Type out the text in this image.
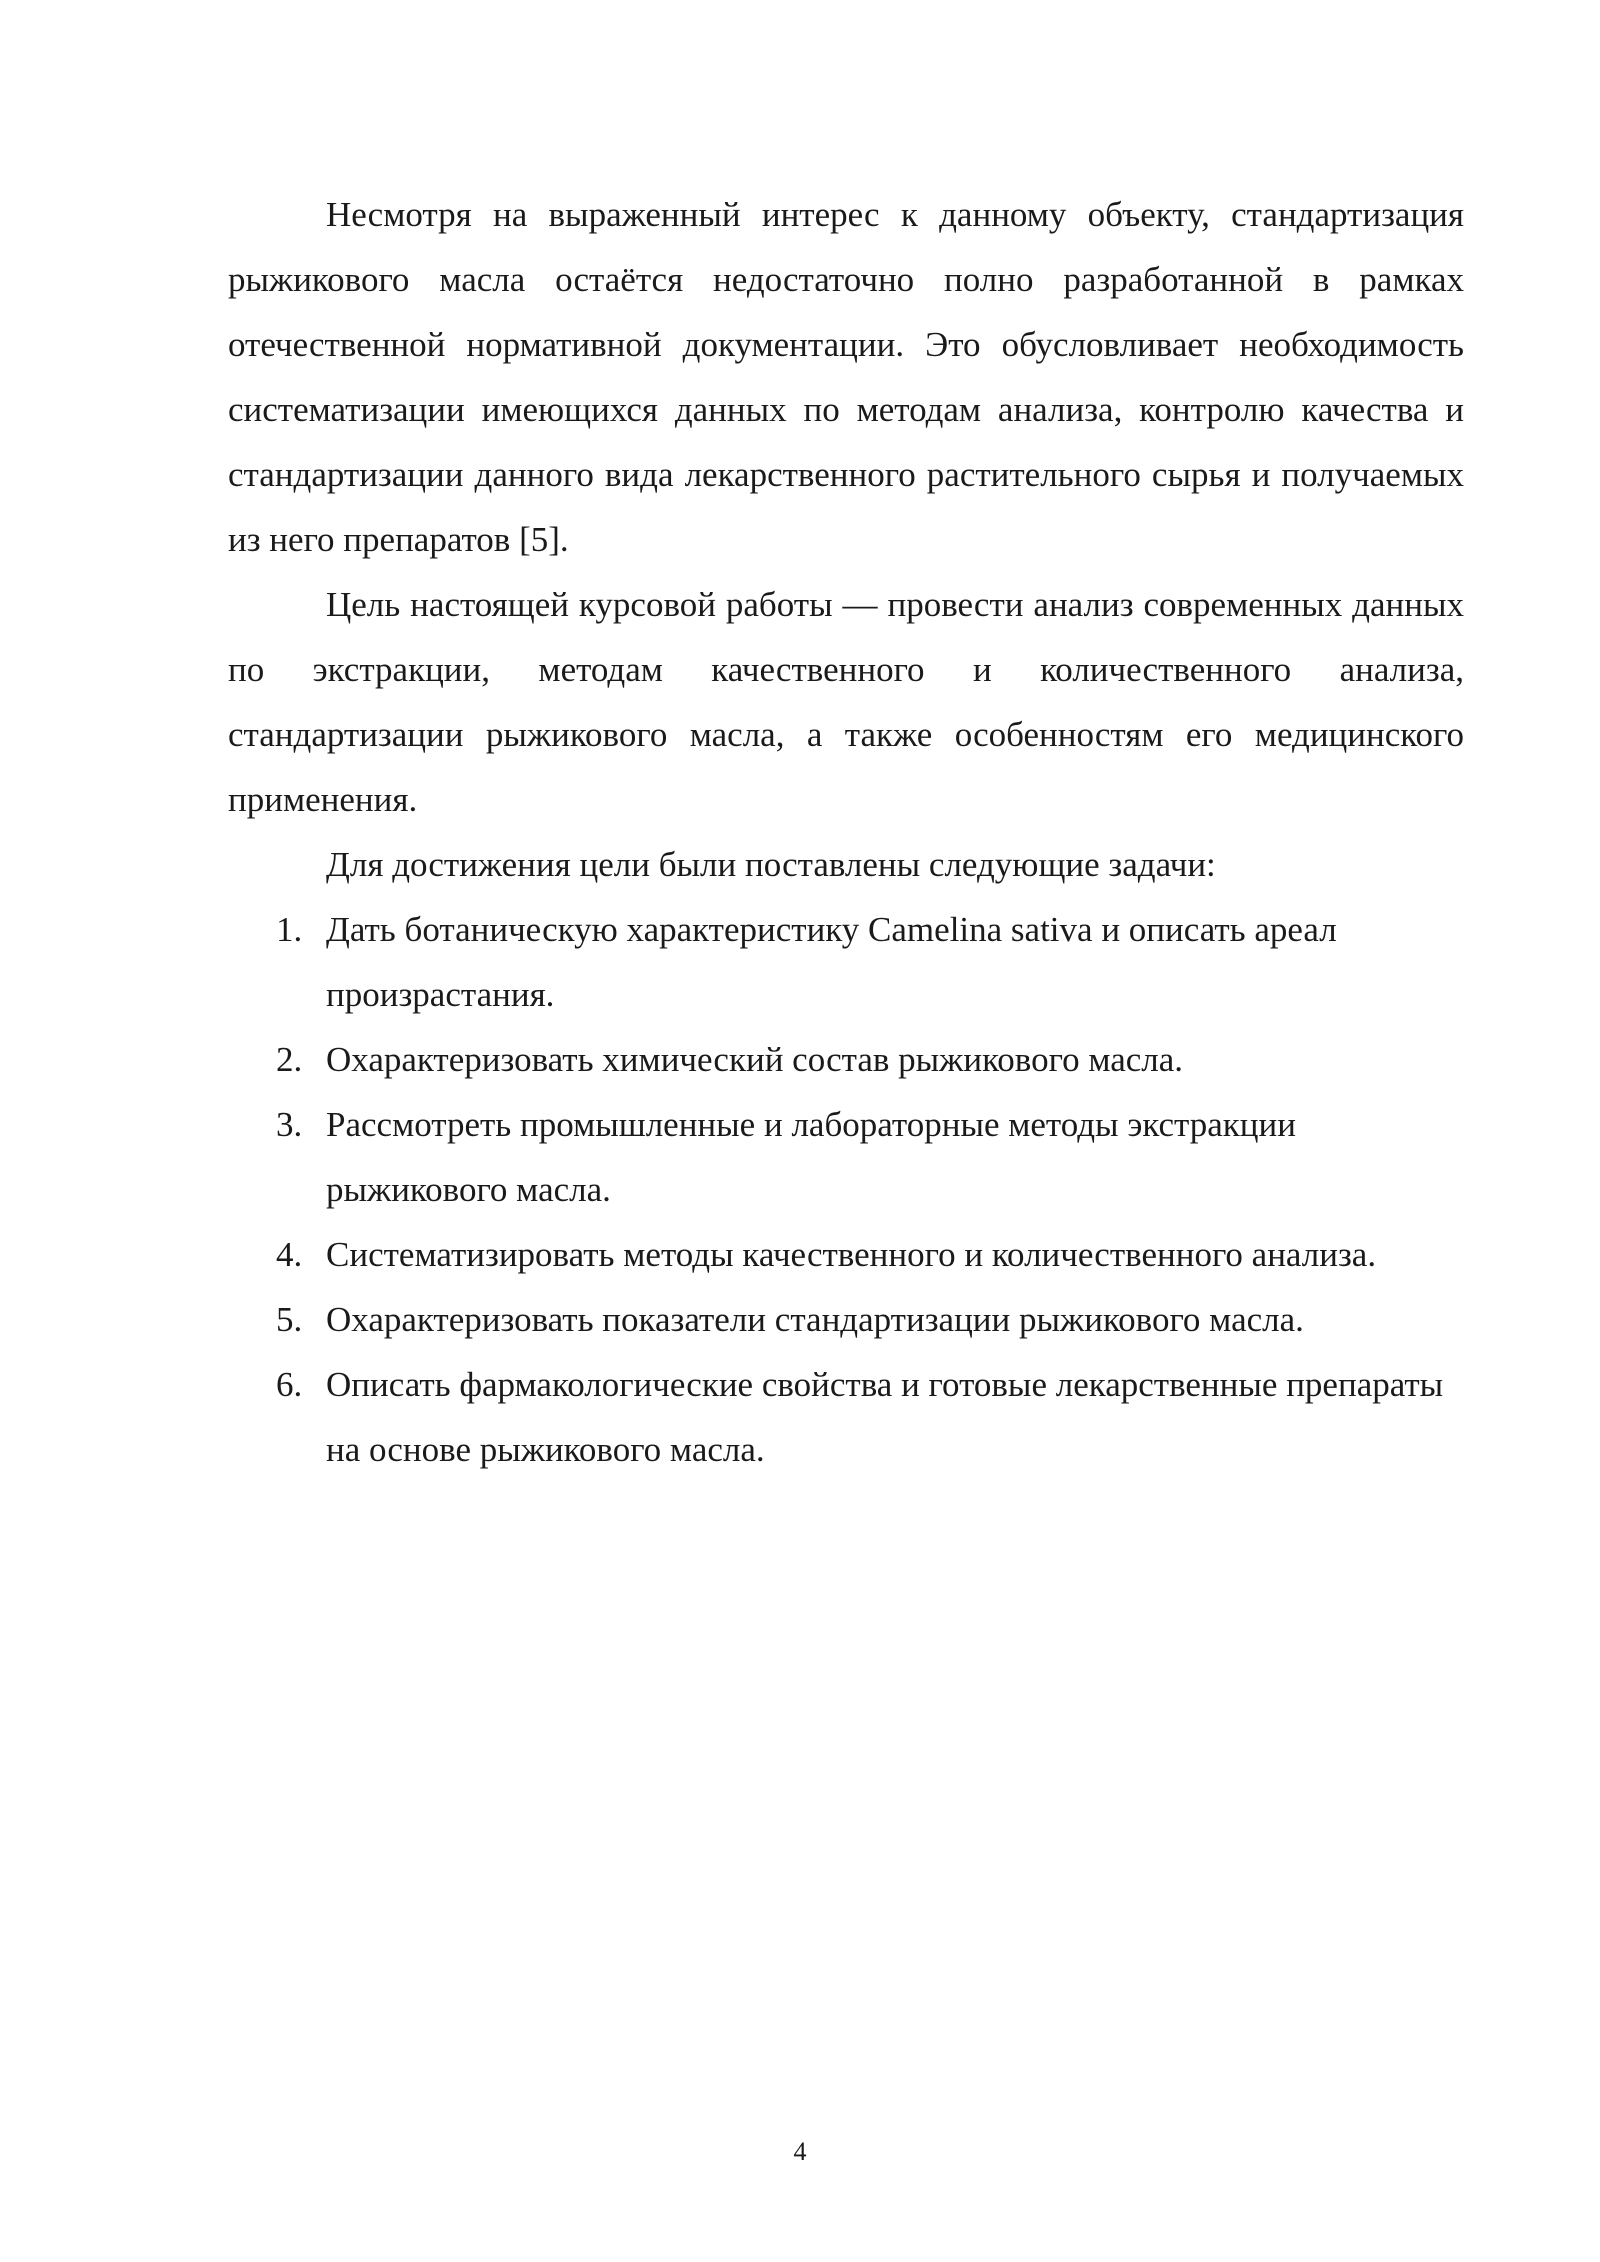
Несмотря на выраженный интерес к данному объекту, стандартизация рыжикового масла остаётся недостаточно полно разработанной в рамках отечественной нормативной документации. Это обусловливает необходимость систематизации имеющихся данных по методам анализа, контролю качества и стандартизации данного вида лекарственного растительного сырья и получаемых из него препаратов [5].

Цель настоящей курсовой работы — провести анализ современных данных по экстракции, методам качественного и количественного анализа, стандартизации рыжикового масла, а также особенностям его медицинского применения.

Для достижения цели были поставлены следующие задачи:

1. Дать ботаническую характеристику Camelina sativa и описать ареал произрастания.
2. Охарактеризовать химический состав рыжикового масла.
3. Рассмотреть промышленные и лабораторные методы экстракции рыжикового масла.
4. Систематизировать методы качественного и количественного анализа.
5. Охарактеризовать показатели стандартизации рыжикового масла.
6. Описать фармакологические свойства и готовые лекарственные препараты на основе рыжикового масла.
4
